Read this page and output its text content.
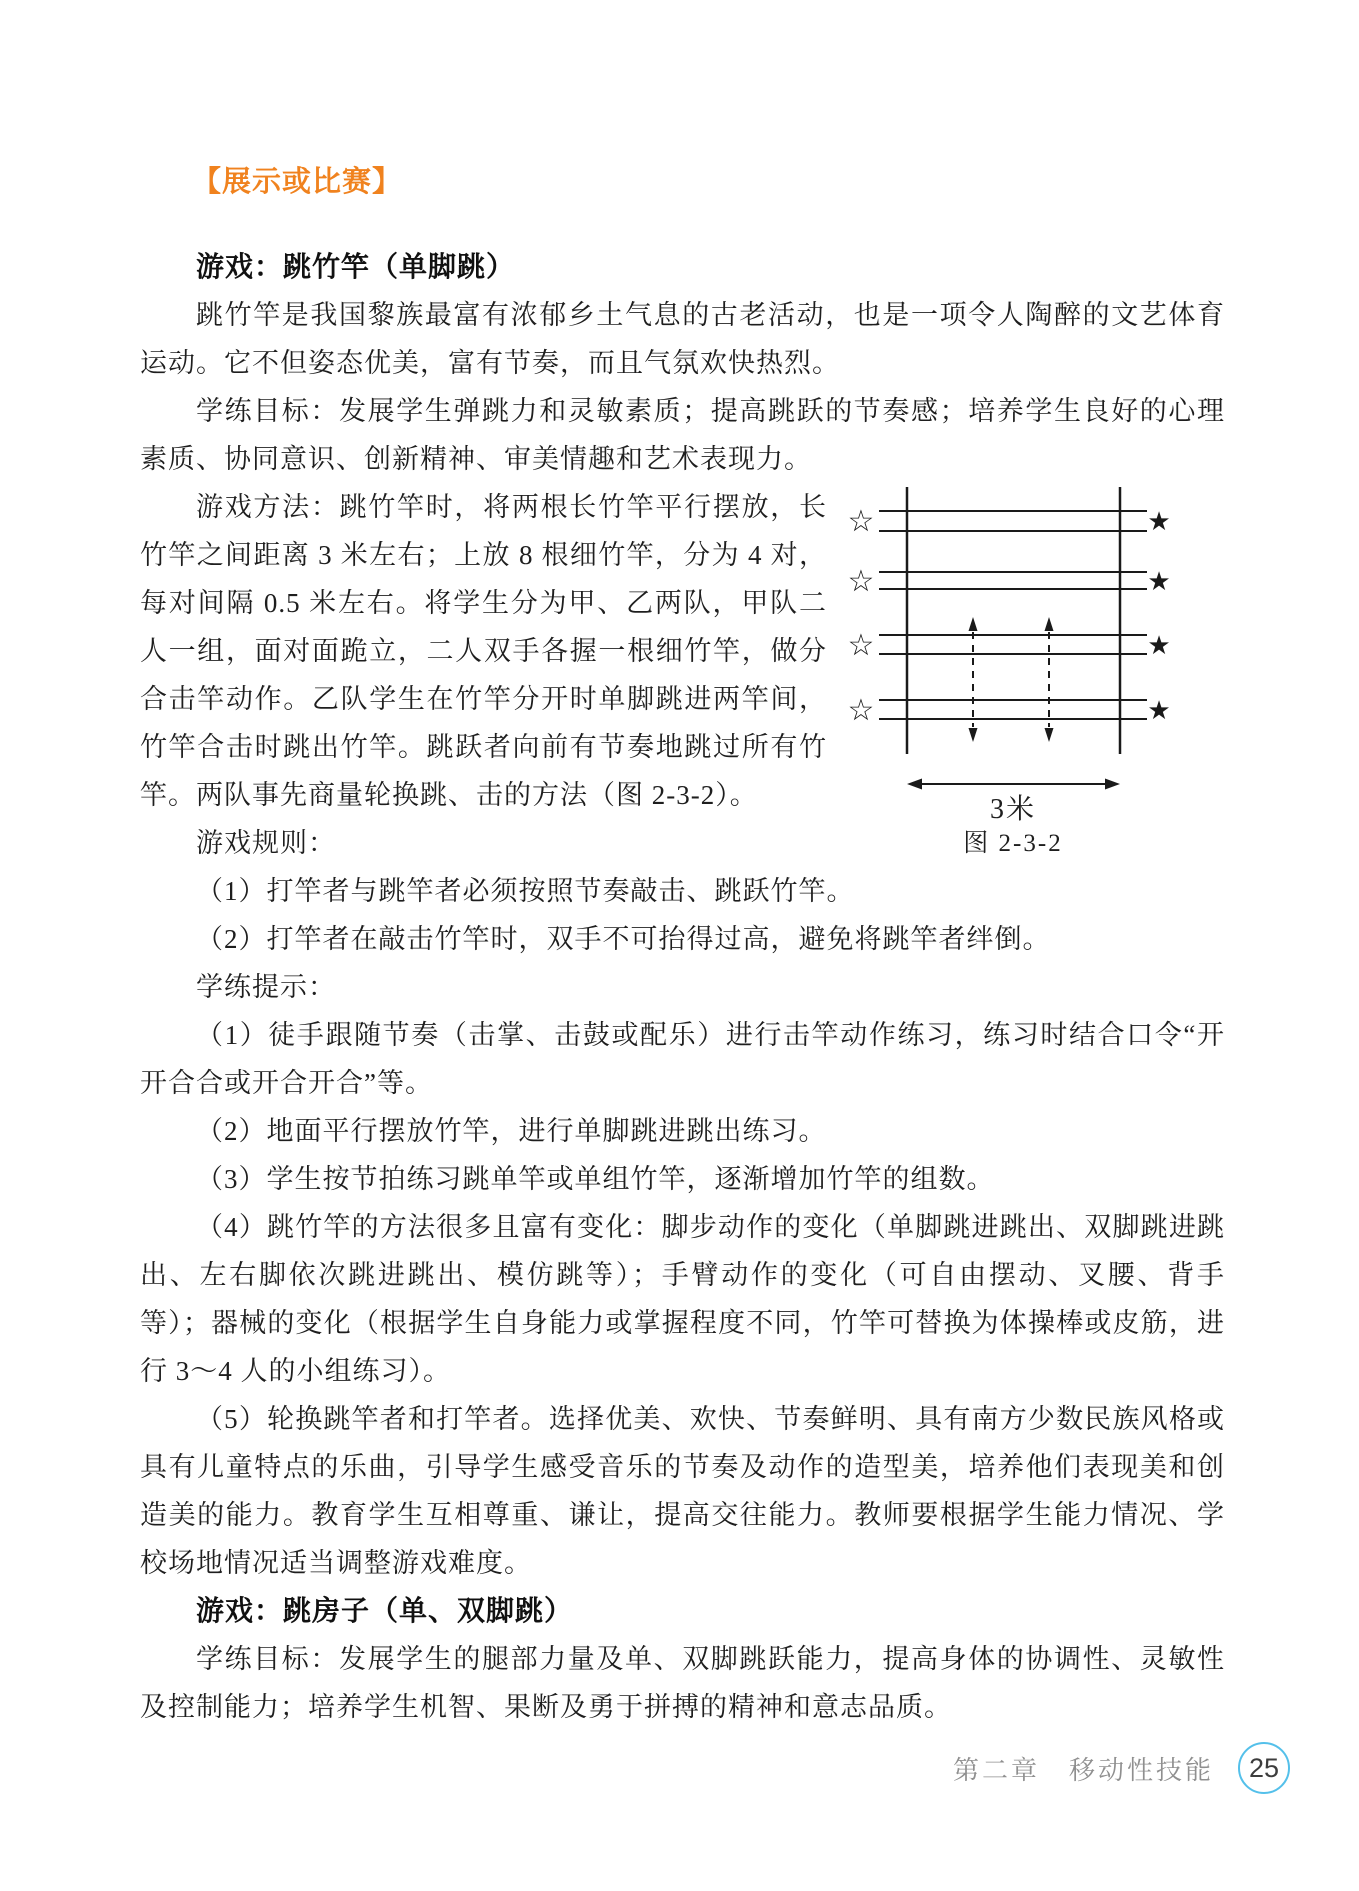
【展示或比赛】
游戏：跳竹竿（单脚跳）

跳竹竿是我国黎族最富有浓郁乡土气息的古老活动，也是一项令人陶醉的文艺体育运动。它不但姿态优美，富有节奏，而且气氛欢快热烈。

学练目标：发展学生弹跳力和灵敏素质；提高跳跃的节奏感；培养学生良好的心理素质、协同意识、创新精神、审美情趣和艺术表现力。

☆
☆
☆
☆
★
★
★
★
3米
图 2-3-2

游戏方法：跳竹竿时，将两根长竹竿平行摆放，长竹竿之间距离 3 米左右；上放 8 根细竹竿，分为 4 对，每对间隔 0.5 米左右。将学生分为甲、乙两队，甲队二人一组，面对面跪立，二人双手各握一根细竹竿，做分合击竿动作。乙队学生在竹竿分开时单脚跳进两竿间，竹竿合击时跳出竹竿。跳跃者向前有节奏地跳过所有竹竿。两队事先商量轮换跳、击的方法（图 2-3-2）。

游戏规则：

（1）打竿者与跳竿者必须按照节奏敲击、跳跃竹竿。

（2）打竿者在敲击竹竿时，双手不可抬得过高，避免将跳竿者绊倒。

学练提示：

（1）徒手跟随节奏（击掌、击鼓或配乐）进行击竿动作练习，练习时结合口令“开开合合或开合开合”等。

（2）地面平行摆放竹竿，进行单脚跳进跳出练习。

（3）学生按节拍练习跳单竿或单组竹竿，逐渐增加竹竿的组数。

（4）跳竹竿的方法很多且富有变化：脚步动作的变化（单脚跳进跳出、双脚跳进跳出、左右脚依次跳进跳出、模仿跳等）；手臂动作的变化（可自由摆动、叉腰、背手等）；器械的变化（根据学生自身能力或掌握程度不同，竹竿可替换为体操棒或皮筋，进行 3～4 人的小组练习）。

（5）轮换跳竿者和打竿者。选择优美、欢快、节奏鲜明、具有南方少数民族风格或具有儿童特点的乐曲，引导学生感受音乐的节奏及动作的造型美，培养他们表现美和创造美的能力。教育学生互相尊重、谦让，提高交往能力。教师要根据学生能力情况、学校场地情况适当调整游戏难度。

游戏：跳房子（单、双脚跳）

学练目标：发展学生的腿部力量及单、双脚跳跃能力，提高身体的协调性、灵敏性及控制能力；培养学生机智、果断及勇于拼搏的精神和意志品质。

第二章　移动性技能	25
